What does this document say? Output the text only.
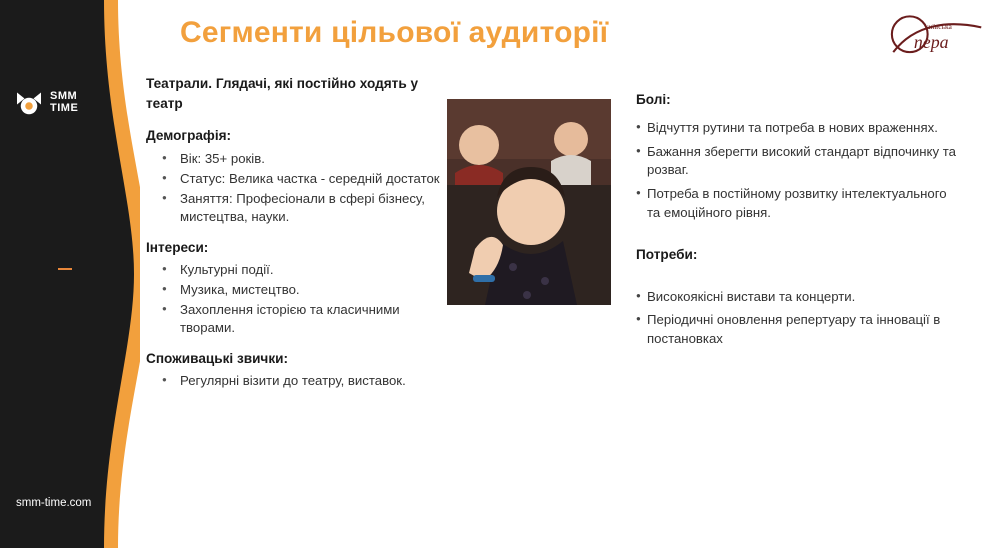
SMM
TIME
smm-time.com
Сегменти цільової аудиторії	київська
пера
Театрали. Глядачі, які постійно ходять у театр
Демографія:
● Вік: 35+ років.
● Статус: Велика частка - середній достаток
● Заняття: Професіонали в сфері бізнесу, мистецтва, науки.
Інтереси:
● Культурні події.
● Музика, мистецтво.
● Захоплення історією та класичними творами.
Споживацькі звички:
● Регулярні візити до театру, виставок.
Болі:
● Відчуття рутини та потреба в нових враженнях.
● Бажання зберегти високий стандарт відпочинку та розваг.
● Потреба в постійному розвитку інтелектуального та емоційного рівня.
Потреби:
● Високоякісні вистави та концерти.
● Періодичні оновлення репертуару та інновації в постановках
